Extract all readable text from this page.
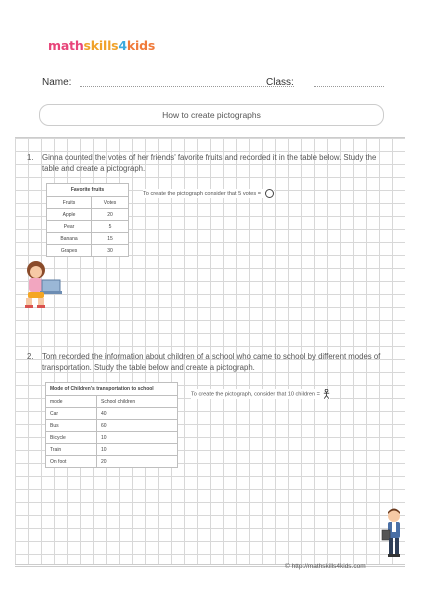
mathskills4kids
Name:	Class:
How to create pictographs
1. Ginna counted the votes of her friends' favorite fruits and recorded it in the table below. Study the table and create a pictograph.
Favorite fruits	
Fruits	Votes
Apple	20
Pear	5
Banana	15
Grapes	30
To create the pictograph consider that 5 votes =
2. Tom recorded the information about children of a school who came to school by different modes of transportation. Study the table below and create a pictograph.
Mode of Children's transportation to school	
mode	School children
Car	40
Bus	60
Bicycle	10
Train	10
On foot	20
To create the pictograph, consider that 10 children =
© http://mathskills4kids.com
